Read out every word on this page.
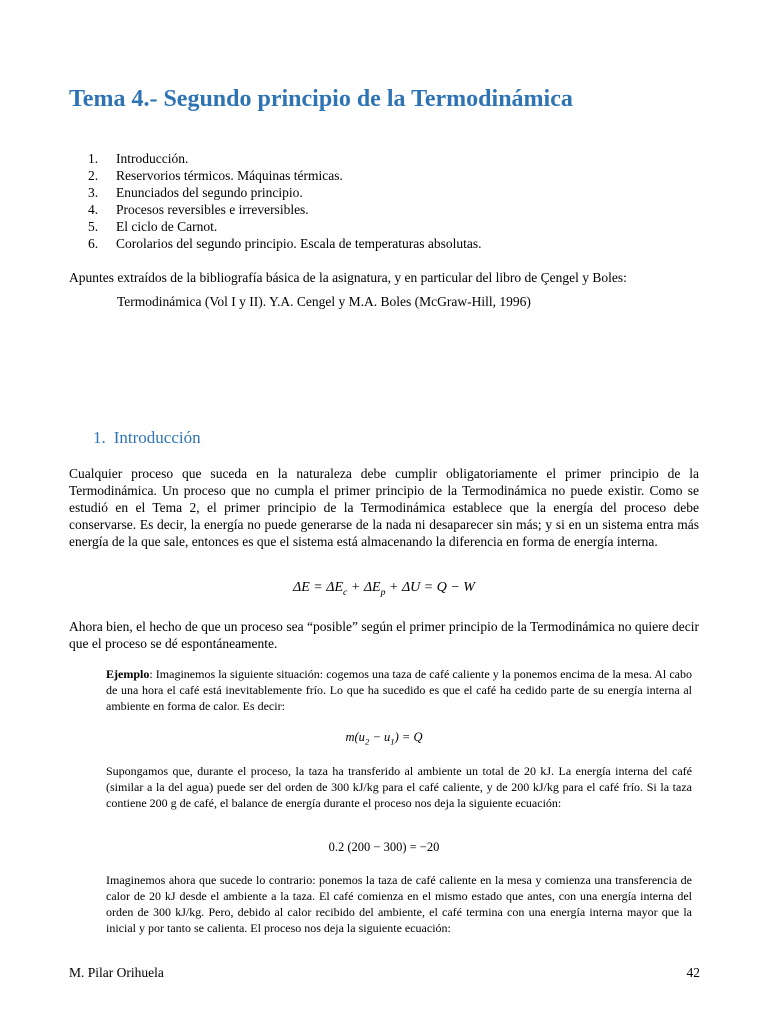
Tema 4.- Segundo principio de la Termodinámica
1.	Introducción.
2.	Reservorios térmicos. Máquinas térmicas.
3.	Enunciados del segundo principio.
4.	Procesos reversibles e irreversibles.
5.	El ciclo de Carnot.
6.	Corolarios del segundo principio. Escala de temperaturas absolutas.

Apuntes extraídos de la bibliografía básica de la asignatura, y en particular del libro de Çengel y Boles:

Termodinámica (Vol I y II). Y.A. Cengel y M.A. Boles (McGraw-Hill, 1996)

1. Introducción

Cualquier proceso que suceda en la naturaleza debe cumplir obligatoriamente el primer principio de la Termodinámica. Un proceso que no cumpla el primer principio de la Termodinámica no puede existir. Como se estudió en el Tema 2, el primer principio de la Termodinámica establece que la energía del proceso debe conservarse. Es decir, la energía no puede generarse de la nada ni desaparecer sin más; y si en un sistema entra más energía de la que sale, entonces es que el sistema está almacenando la diferencia en forma de energía interna.

$\Delta E = \Delta E_c + \Delta E_p + \Delta U = Q - W$

Ahora bien, el hecho de que un proceso sea “posible” según el primer principio de la Termodinámica no quiere decir que el proceso se dé espontáneamente.

Ejemplo: Imaginemos la siguiente situación: cogemos una taza de café caliente y la ponemos encima de la mesa. Al cabo de una hora el café está inevitablemente frío. Lo que ha sucedido es que el café ha cedido parte de su energía interna al ambiente en forma de calor. Es decir:

$m(u_2 - u_1) = Q$

Supongamos que, durante el proceso, la taza ha transferido al ambiente un total de 20 kJ. La energía interna del café (similar a la del agua) puede ser del orden de 300 kJ/kg para el café caliente, y de 200 kJ/kg para el café frío. Si la taza contiene 200 g de café, el balance de energía durante el proceso nos deja la siguiente ecuación:

0.2 (200 − 300) = −20

Imaginemos ahora que sucede lo contrario: ponemos la taza de café caliente en la mesa y comienza una transferencia de calor de 20 kJ desde el ambiente a la taza. El café comienza en el mismo estado que antes, con una energía interna del orden de 300 kJ/kg. Pero, debido al calor recibido del ambiente, el café termina con una energía interna mayor que la inicial y por tanto se calienta. El proceso nos deja la siguiente ecuación:

M. Pilar Orihuela	42
